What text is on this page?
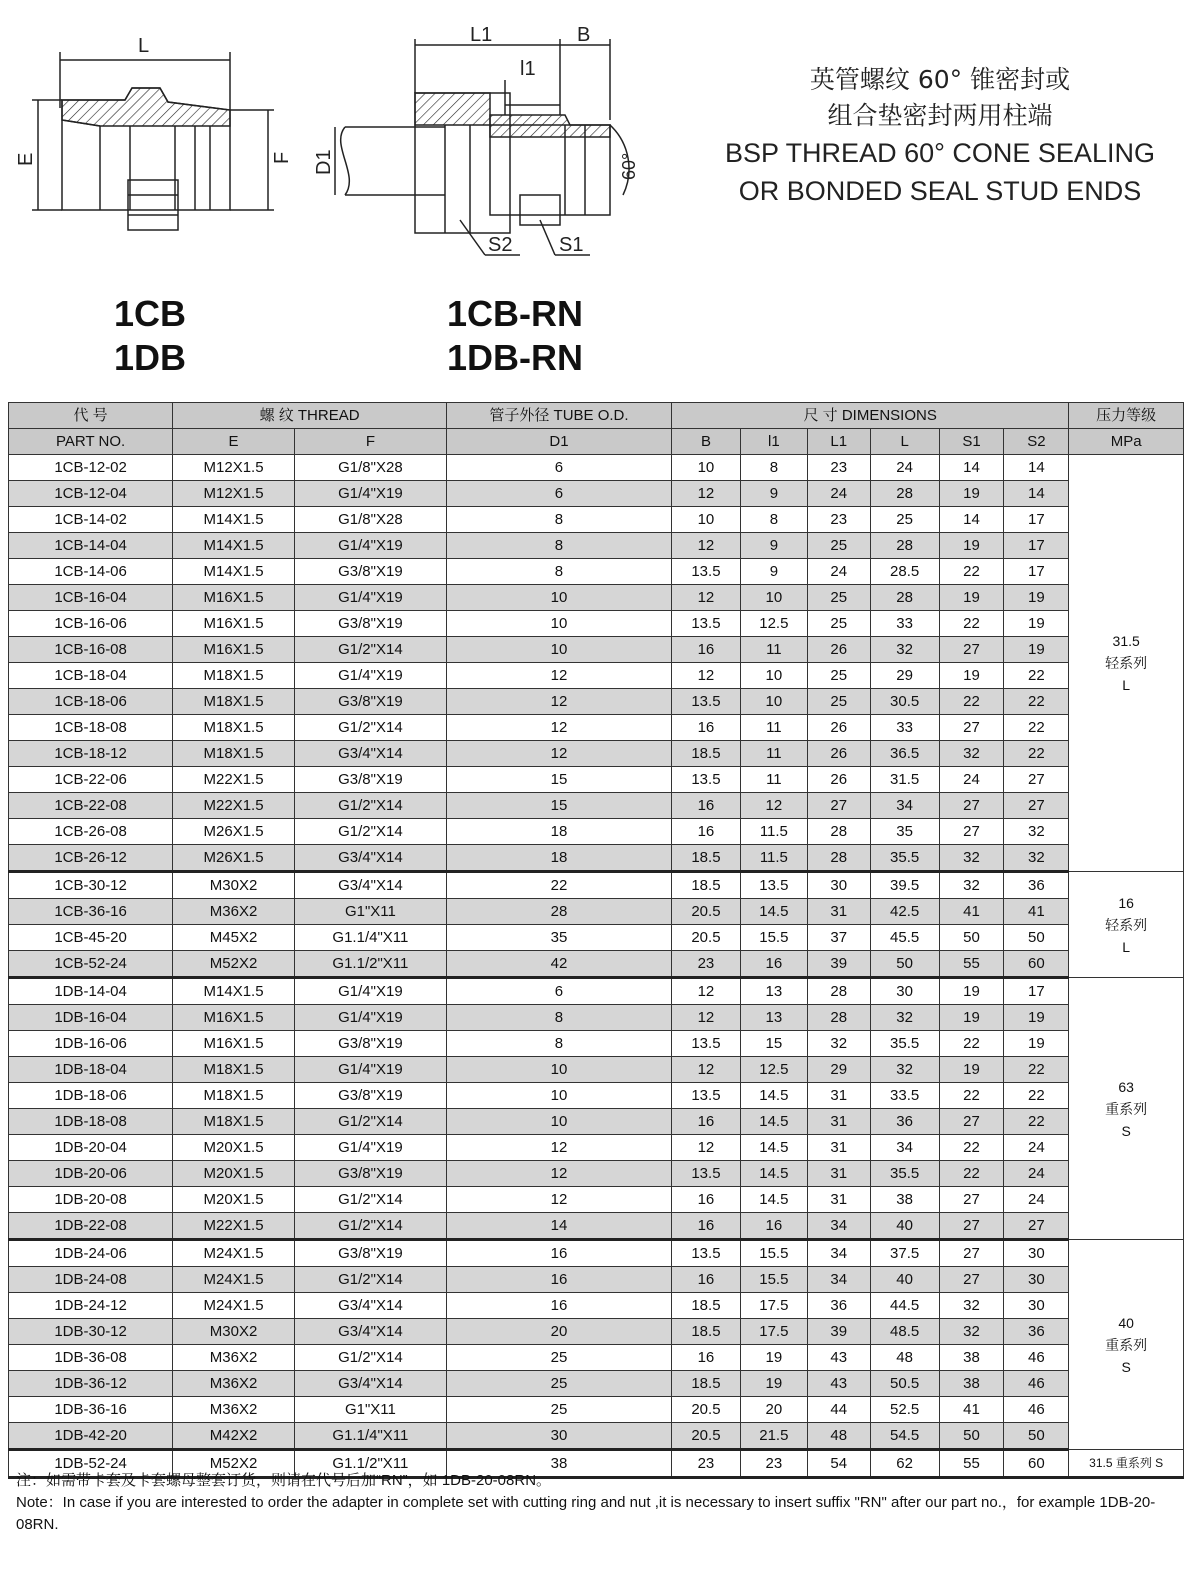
L
E	F
L1	B
l1
D1	60°
S2 S1
1CB
1DB
1CB-RN
1DB-RN
英管螺纹 60° 锥密封或
组合垫密封两用柱端
BSP THREAD 60° CONE SEALING
OR BONDED SEAL STUD ENDS
代 号	螺 纹 THREAD		管子外径 TUBE O.D.	尺 寸 DIMENSIONS						压力等级
PART NO.	E	F	D1	B	l1	L1	L	S1	S2	MPa
1CB-12-02	M12X1.5	G1/8"X28	6	10	8	23	24	14	14	31.5
轻系列
L

1CB-12-04	M12X1.5	G1/4"X19	6	12	9	24	28	19	14	
1CB-14-02	M14X1.5	G1/8"X28	8	10	8	23	25	14	17	
1CB-14-04	M14X1.5	G1/4"X19	8	12	9	25	28	19	17	
1CB-14-06	M14X1.5	G3/8"X19	8	13.5	9	24	28.5	22	17	
1CB-16-04	M16X1.5	G1/4"X19	10	12	10	25	28	19	19	
1CB-16-06	M16X1.5	G3/8"X19	10	13.5	12.5	25	33	22	19	
1CB-16-08	M16X1.5	G1/2"X14	10	16	11	26	32	27	19	
1CB-18-04	M18X1.5	G1/4"X19	12	12	10	25	29	19	22	
1CB-18-06	M18X1.5	G3/8"X19	12	13.5	10	25	30.5	22	22	
1CB-18-08	M18X1.5	G1/2"X14	12	16	11	26	33	27	22	
1CB-18-12	M18X1.5	G3/4"X14	12	18.5	11	26	36.5	32	22	
1CB-22-06	M22X1.5	G3/8"X19	15	13.5	11	26	31.5	24	27	
1CB-22-08	M22X1.5	G1/2"X14	15	16	12	27	34	27	27	
1CB-26-08	M26X1.5	G1/2"X14	18	16	11.5	28	35	27	32	
1CB-26-12	M26X1.5	G3/4"X14	18	18.5	11.5	28	35.5	32	32	
1CB-30-12	M30X2	G3/4"X14	22	18.5	13.5	30	39.5	32	36	16
轻系列
L

1CB-36-16	M36X2	G1"X11	28	20.5	14.5	31	42.5	41	41	
1CB-45-20	M45X2	G1.1/4"X11	35	20.5	15.5	37	45.5	50	50	
1CB-52-24	M52X2	G1.1/2"X11	42	23	16	39	50	55	60	
1DB-14-04	M14X1.5	G1/4"X19	6	12	13	28	30	19	17	63
重系列
S

1DB-16-04	M16X1.5	G1/4"X19	8	12	13	28	32	19	19	
1DB-16-06	M16X1.5	G3/8"X19	8	13.5	15	32	35.5	22	19	
1DB-18-04	M18X1.5	G1/4"X19	10	12	12.5	29	32	19	22	
1DB-18-06	M18X1.5	G3/8"X19	10	13.5	14.5	31	33.5	22	22	
1DB-18-08	M18X1.5	G1/2"X14	10	16	14.5	31	36	27	22	
1DB-20-04	M20X1.5	G1/4"X19	12	12	14.5	31	34	22	24	
1DB-20-06	M20X1.5	G3/8"X19	12	13.5	14.5	31	35.5	22	24	
1DB-20-08	M20X1.5	G1/2"X14	12	16	14.5	31	38	27	24	
1DB-22-08	M22X1.5	G1/2"X14	14	16	16	34	40	27	27	
1DB-24-06	M24X1.5	G3/8"X19	16	13.5	15.5	34	37.5	27	30	40
重系列
S

1DB-24-08	M24X1.5	G1/2"X14	16	16	15.5	34	40	27	30	
1DB-24-12	M24X1.5	G3/4"X14	16	18.5	17.5	36	44.5	32	30	
1DB-30-12	M30X2	G3/4"X14	20	18.5	17.5	39	48.5	32	36	
1DB-36-08	M36X2	G1/2"X14	25	16	19	43	48	38	46	
1DB-36-12	M36X2	G3/4"X14	25	18.5	19	43	50.5	38	46	
1DB-36-16	M36X2	G1"X11	25	20.5	20	44	52.5	41	46	
1DB-42-20	M42X2	G1.1/4"X11	30	20.5	21.5	48	54.5	50	50	
1DB-52-24	M52X2	G1.1/2"X11	38	23	23	54	62	55	60	31.5 重系列 S
注：如需带卡套及卡套螺母整套订货，则请在代号后加“RN”，如 1DB-20-08RN。
Note：In case if you are interested to order the adapter in complete set with cutting ring and nut ,it is necessary to insert suffix "RN" after our part no.，for example 1DB-20-08RN.
